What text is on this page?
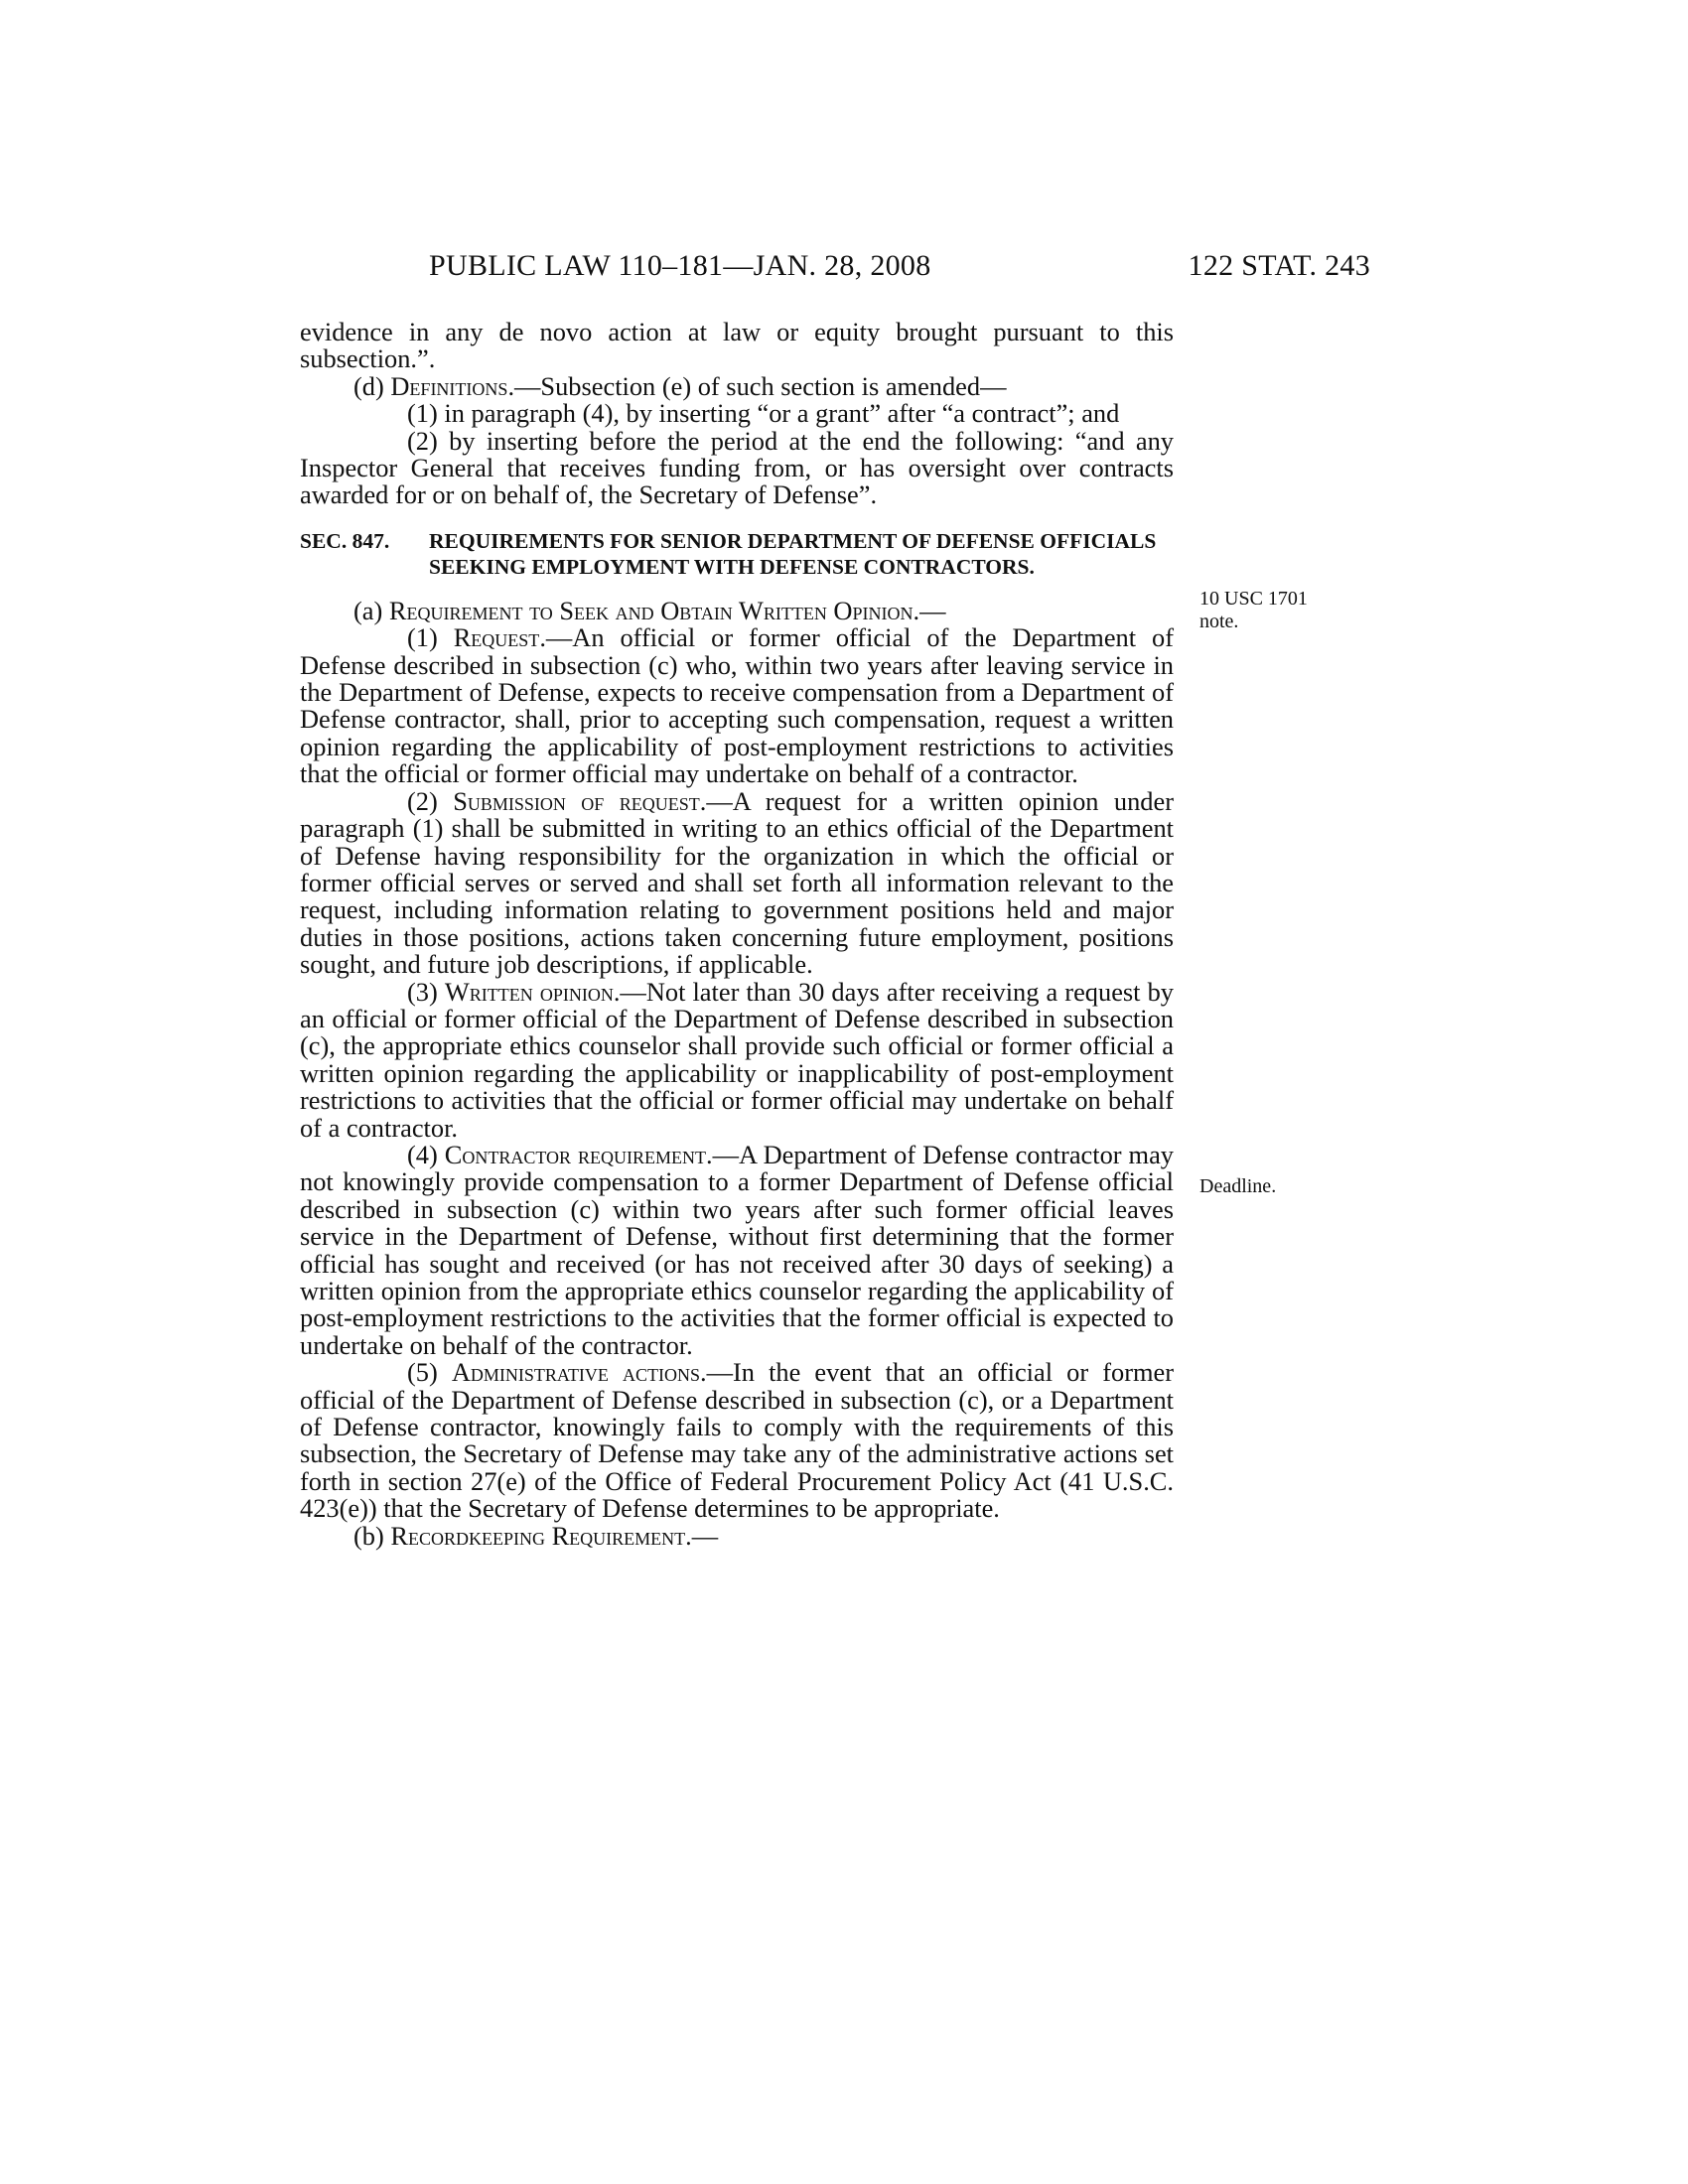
PUBLIC LAW 110–181—JAN. 28, 2008	122 STAT. 243

evidence in any de novo action at law or equity brought pursuant to this subsection.”.

(d) Definitions.—Subsection (e) of such section is amended—

(1) in paragraph (4), by inserting “or a grant” after “a contract”; and

(2) by inserting before the period at the end the following: “and any Inspector General that receives funding from, or has oversight over contracts awarded for or on behalf of, the Secretary of Defense”.

SEC. 847. REQUIREMENTS FOR SENIOR DEPARTMENT OF DEFENSE OFFICIALS SEEKING EMPLOYMENT WITH DEFENSE CONTRACTORS.

(a) Requirement to Seek and Obtain Written Opinion.—

(1) Request.—An official or former official of the Department of Defense described in subsection (c) who, within two years after leaving service in the Department of Defense, expects to receive compensation from a Department of Defense contractor, shall, prior to accepting such compensation, request a written opinion regarding the applicability of post-employment restrictions to activities that the official or former official may undertake on behalf of a contractor.

(2) Submission of request.—A request for a written opinion under paragraph (1) shall be submitted in writing to an ethics official of the Department of Defense having responsibility for the organization in which the official or former official serves or served and shall set forth all information relevant to the request, including information relating to government positions held and major duties in those positions, actions taken concerning future employment, positions sought, and future job descriptions, if applicable.

(3) Written opinion.—Not later than 30 days after receiving a request by an official or former official of the Department of Defense described in subsection (c), the appropriate ethics counselor shall provide such official or former official a written opinion regarding the applicability or inapplicability of post-employment restrictions to activities that the official or former official may undertake on behalf of a contractor.

(4) Contractor requirement.—A Department of Defense contractor may not knowingly provide compensation to a former Department of Defense official described in subsection (c) within two years after such former official leaves service in the Department of Defense, without first determining that the former official has sought and received (or has not received after 30 days of seeking) a written opinion from the appropriate ethics counselor regarding the applicability of post-employment restrictions to the activities that the former official is expected to undertake on behalf of the contractor.

(5) Administrative actions.—In the event that an official or former official of the Department of Defense described in subsection (c), or a Department of Defense contractor, knowingly fails to comply with the requirements of this subsection, the Secretary of Defense may take any of the administrative actions set forth in section 27(e) of the Office of Federal Procurement Policy Act (41 U.S.C. 423(e)) that the Secretary of Defense determines to be appropriate.

(b) Recordkeeping Requirement.—

10 USC 1701
note.
Deadline.
